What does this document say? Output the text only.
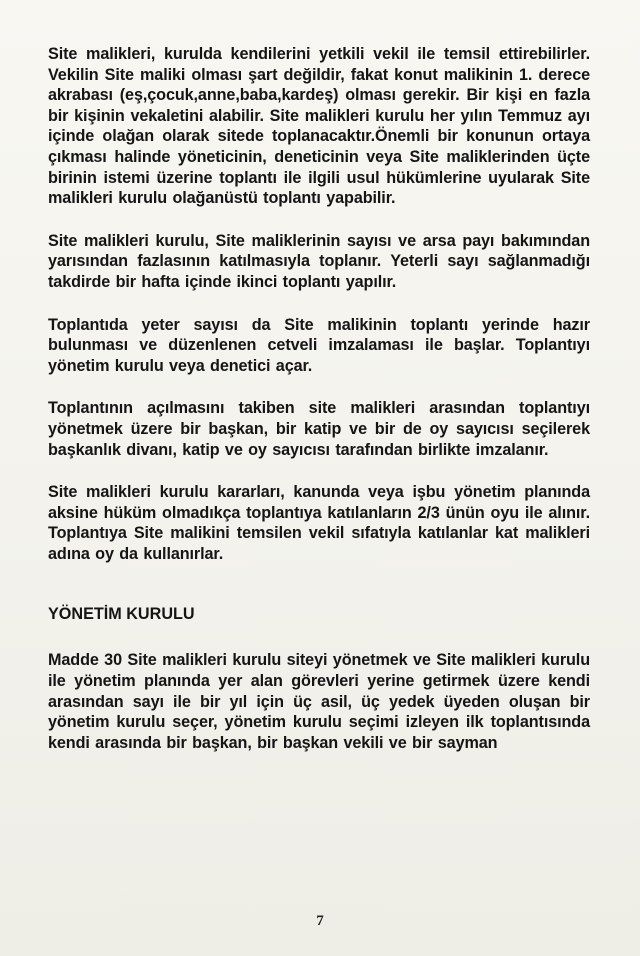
Site malikleri, kurulda kendilerini yetkili vekil ile temsil ettirebilirler. Vekilin Site maliki olması şart değildir, fakat konut malikinin 1. derece akrabası (eş,çocuk,anne,baba,kardeş) olması gerekir. Bir kişi en fazla bir kişinin vekaletini alabilir. Site malikleri kurulu her yılın Temmuz ayı içinde olağan olarak sitede toplanacaktır.Önemli bir konunun ortaya çıkması halinde yöneticinin, deneticinin veya Site maliklerinden üçte birinin istemi üzerine toplantı ile ilgili usul hükümlerine uyularak Site malikleri kurulu olağanüstü toplantı yapabilir.

Site malikleri kurulu, Site maliklerinin sayısı ve arsa payı bakımından yarısından fazlasının katılmasıyla toplanır. Yeterli sayı sağlanmadığı takdirde bir hafta içinde ikinci toplantı yapılır.

Toplantıda yeter sayısı da Site malikinin toplantı yerinde hazır bulunması ve düzenlenen cetveli imzalaması ile başlar. Toplantıyı yönetim kurulu veya denetici açar.

Toplantının açılmasını takiben site malikleri arasından toplantıyı yönetmek üzere bir başkan, bir katip ve bir de oy sayıcısı seçilerek başkanlık divanı, katip ve oy sayıcısı tarafından birlikte imzalanır.

Site malikleri kurulu kararları, kanunda veya işbu yönetim planında aksine hüküm olmadıkça toplantıya katılanların 2/3 ünün oyu ile alınır. Toplantıya Site malikini temsilen vekil sıfatıyla katılanlar kat malikleri adına oy da kullanırlar.

YÖNETİM KURULU

Madde 30 Site malikleri kurulu siteyi yönetmek ve Site malikleri kurulu ile yönetim planında yer alan görevleri yerine getirmek üzere kendi arasından sayı ile bir yıl için üç asil, üç yedek üyeden oluşan bir yönetim kurulu seçer, yönetim kurulu seçimi izleyen ilk toplantısında kendi arasında bir başkan, bir başkan vekili ve bir sayman

7
